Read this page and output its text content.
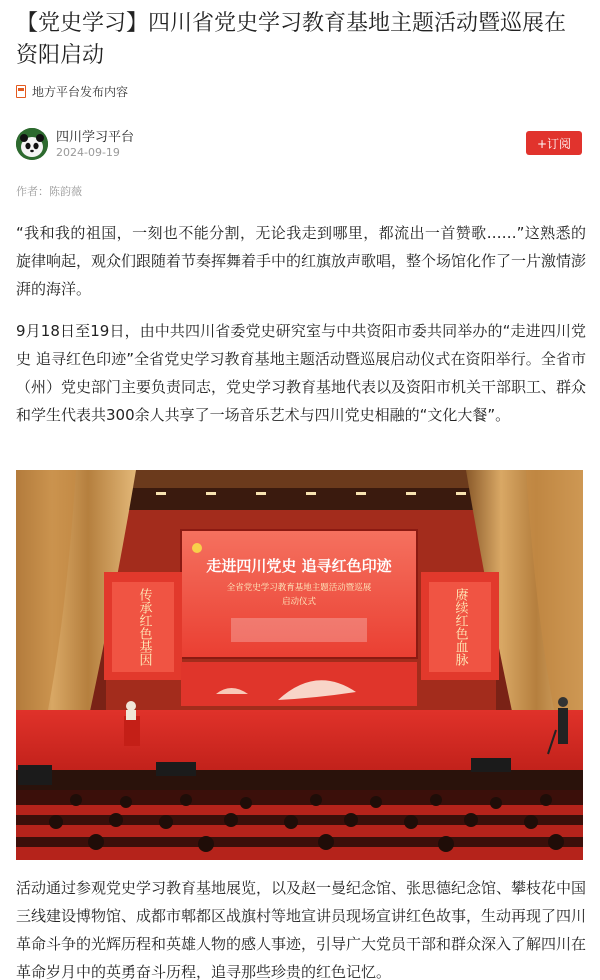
【党史学习】四川省党史学习教育基地主题活动暨巡展在资阳启动
地方平台发布内容
四川学习平台
2024-09-19
+订阅
作者：陈韵薇

“我和我的祖国，一刻也不能分割，无论我走到哪里，都流出一首赞歌……”这熟悉的旋律响起，观众们跟随着节奏挥舞着手中的红旗放声歌唱，整个场馆化作了一片激情澎湃的海洋。

9月18日至19日，由中共四川省委党史研究室与中共资阳市委共同举办的“走进四川党史 追寻红色印迹”全省党史学习教育基地主题活动暨巡展启动仪式在资阳举行。全省市（州）党史部门主要负责同志，党史学习教育基地代表以及资阳市机关干部职工、群众和学生代表共300余人共享了一场音乐艺术与四川党史相融的“文化大餐”。

走进四川党史 追寻红色印迹
全省党史学习教育基地主题活动暨巡展
启动仪式
传承红色基因	赓续红色血脉

活动通过参观党史学习教育基地展览，以及赵一曼纪念馆、张思德纪念馆、攀枝花中国三线建设博物馆、成都市郫都区战旗村等地宣讲员现场宣讲红色故事，生动再现了四川革命斗争的光辉历程和英雄人物的感人事迹，引导广大党员干部和群众深入了解四川在革命岁月中的英勇奋斗历程，追寻那些珍贵的红色记忆。
